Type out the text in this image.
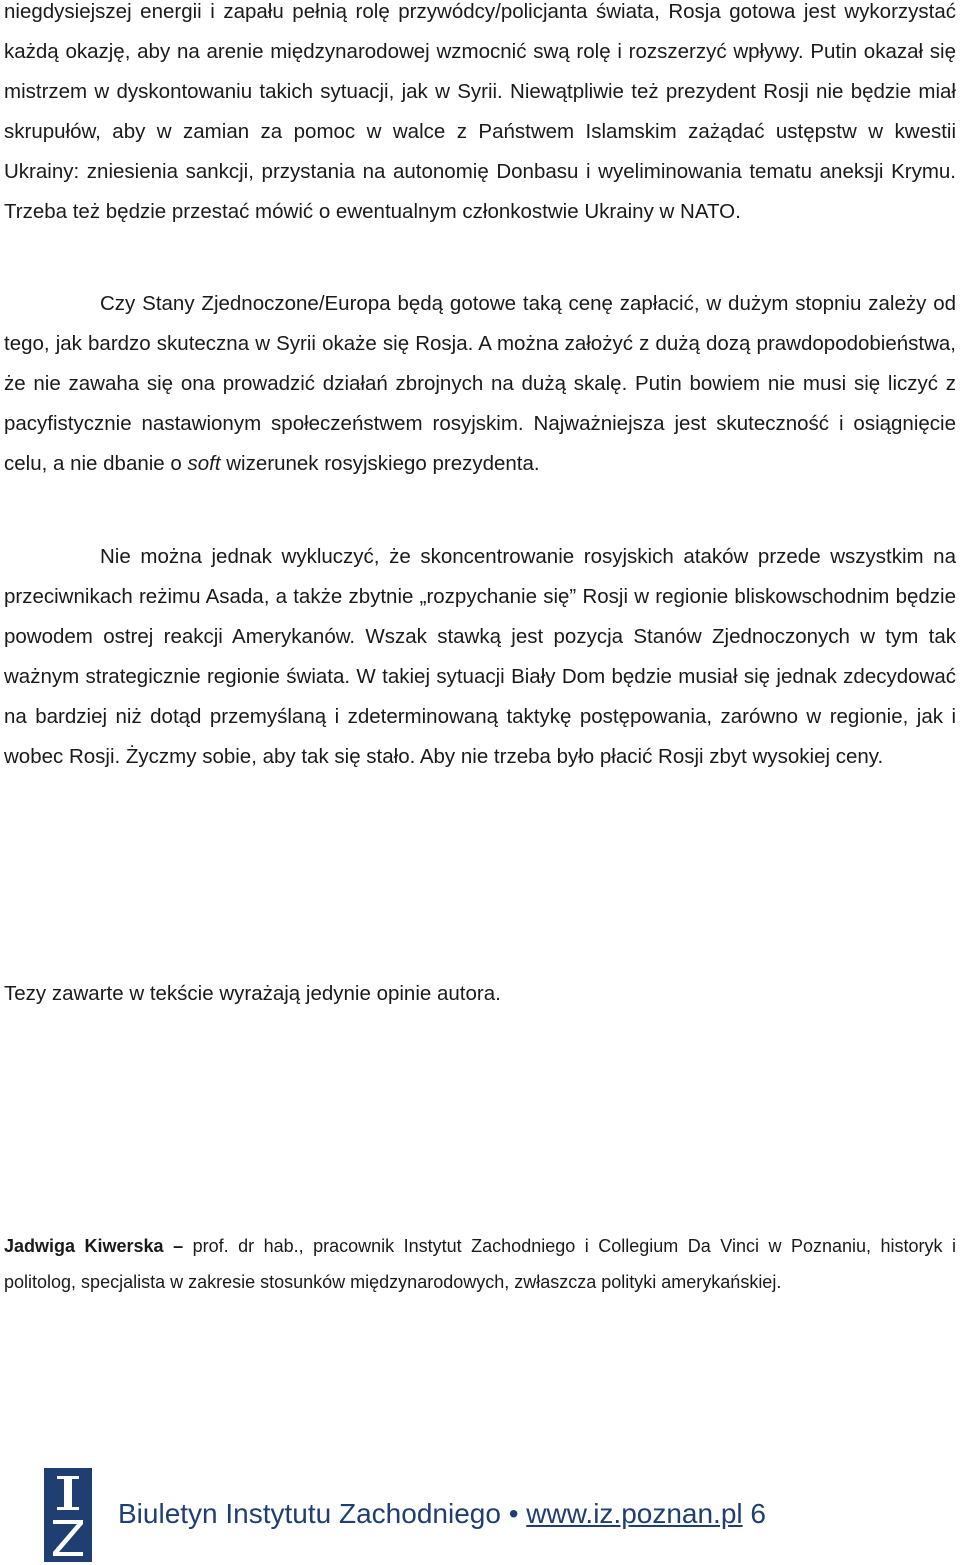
niegdysiejszej energii i zapału pełnią rolę przywódcy/policjanta świata, Rosja gotowa jest wykorzystać każdą okazję, aby na arenie międzynarodowej wzmocnić swą rolę i rozszerzyć wpływy. Putin okazał się mistrzem w dyskontowaniu takich sytuacji, jak w Syrii. Niewątpliwie też prezydent Rosji nie będzie miał skrupułów, aby w zamian za pomoc w walce z Państwem Islamskim zażądać ustępstw w kwestii Ukrainy: zniesienia sankcji, przystania na autonomię Donbasu i wyeliminowania tematu aneksji Krymu. Trzeba też będzie przestać mówić o ewentualnym członkostwie Ukrainy w NATO.

Czy Stany Zjednoczone/Europa będą gotowe taką cenę zapłacić, w dużym stopniu zależy od tego, jak bardzo skuteczna w Syrii okaże się Rosja. A można założyć z dużą dozą prawdopodobieństwa, że nie zawaha się ona prowadzić działań zbrojnych na dużą skalę. Putin bowiem nie musi się liczyć z pacyfistycznie nastawionym społeczeństwem rosyjskim. Najważniejsza jest skuteczność i osiągnięcie celu, a nie dbanie o soft wizerunek rosyjskiego prezydenta.

Nie można jednak wykluczyć, że skoncentrowanie rosyjskich ataków przede wszystkim na przeciwnikach reżimu Asada, a także zbytnie „rozpychanie się” Rosji w regionie bliskowschodnim będzie powodem ostrej reakcji Amerykanów. Wszak stawką jest pozycja Stanów Zjednoczonych w tym tak ważnym strategicznie regionie świata. W takiej sytuacji Biały Dom będzie musiał się jednak zdecydować na bardziej niż dotąd przemyślaną i zdeterminowaną taktykę postępowania, zarówno w regionie, jak i wobec Rosji. Życzmy sobie, aby tak się stało. Aby nie trzeba było płacić Rosji zbyt wysokiej ceny.

Tezy zawarte w tekście wyrażają jedynie opinie autora.

Jadwiga Kiwerska – prof. dr hab., pracownik Instytut Zachodniego i Collegium Da Vinci w Poznaniu, historyk i politolog, specjalista w zakresie stosunków międzynarodowych, zwłaszcza polityki amerykańskiej.

Biuletyn Instytutu Zachodniego • www.iz.poznan.pl 6
